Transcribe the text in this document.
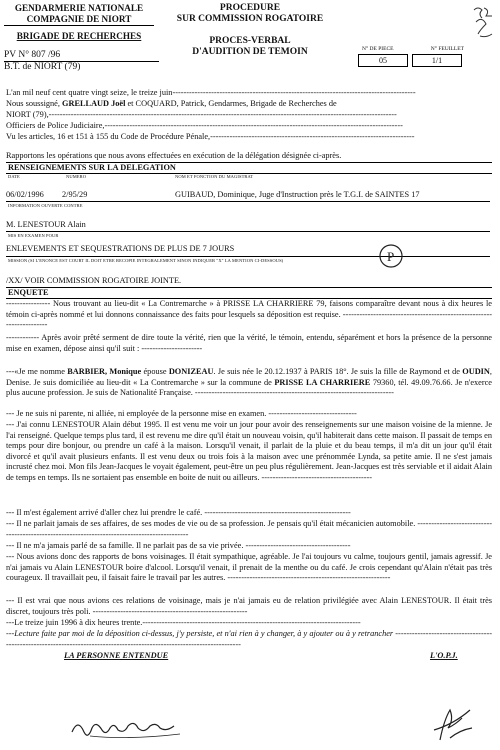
GENDARMERIE NATIONALE
COMPAGNIE DE NIORT
BRIGADE DE RECHERCHES
PV N° 807 /96
B.T. de NIORT (79)
PROCEDURE
SUR COMMISSION ROGATOIRE
PROCES-VERBAL
D'AUDITION DE TEMOIN	N° DE PIECE	N° FEUILLET
05	1/1
L'an mil neuf cent quatre vingt seize, le treize juin----------------------------------------------------------------------------------------
Nous soussigné, GRELLAUD Joël et COQUARD, Patrick, Gendarmes, Brigade de Recherches de
NIORT (79),------------------------------------------------------------------------------------------------------------------------------
Officiers de Police Judiciaire,------------------------------------------------------------------------------------------------------------
Vu les articles, 16 et 151 à 155 du Code de Procédure Pénale,--------------------------------------------------------------------------
Rapportons les opérations que nous avons effectuées en exécution de la délégation désignée ci-après.
RENSEIGNEMENTS SUR LA DELEGATION
DATE	NUMERO	NOM ET FONCTION DU MAGISTRAT
06/02/1996 2/95/29	GUIBAUD, Dominique, Juge d'Instruction près le T.G.I. de SAINTES 17
INFORMATION OUVERTE CONTRE
M. LENESTOUR Alain
MIS EN EXAMEN POUR
ENLEVEMENTS ET SEQUESTRATIONS DE PLUS DE 7 JOURS
MISSION (SI L'ENONCE EST COURT IL DOIT ETRE RECOPIE INTEGRALEMENT SINON INDIQUER "X" LA MENTION CI-DESSOUS)	P
/XX/ VOIR COMMISSION ROGATOIRE JOINTE.
ENQUETE
---------------- Nous trouvant au lieu-dit « La Contremarche » à PRISSE LA CHARRIERE 79, faisons comparaître devant nous à dix heures le témoin ci-après nommé et lui donnons connaissance des faits pour lesquels sa déposition est requise. ---------------------------------------------------------------------
------------ Après avoir prêté serment de dire toute la vérité, rien que la vérité, le témoin, entendu, séparément et hors la présence de la personne mise en examen, dépose ainsi qu'il suit : ----------------------
---«Je me nomme BARBIER, Monique épouse DONIZEAU. Je suis née le 20.12.1937 à PARIS 18°. Je suis la fille de Raymond et de OUDIN, Denise. Je suis domiciliée au lieu-dit « La Contremarche » sur la commune de PRISSE LA CHARRIERE 79360, tél. 49.09.76.66. Je n'exerce plus aucune profession. Je suis de Nationalité Française. ------------------------------------------------------------------------
--- Je ne suis ni parente, ni alliée, ni employée de la personne mise en examen. --------------------------------
--- J'ai connu LENESTOUR Alain début 1995. Il est venu me voir un jour pour avoir des renseignements sur une maison voisine de la mienne. Je l'ai renseigné. Quelque temps plus tard, il est revenu me dire qu'il était un nouveau voisin, qu'il habiterait dans cette maison. Il passait de temps en temps pour dire bonjour, ou prendre un café à la maison. Lorsqu'il venait, il parlait de la pluie et du beau temps, il m'a dit un jour qu'il était divorcé et qu'il avait plusieurs enfants. Il est venu deux ou trois fois à la maison avec une prénommée Lynda, sa petite amie. Il ne s'est jamais incrusté chez moi. Mon fils Jean-Jacques le voyait également, peut-être un peu plus régulièrement. Jean-Jacques est très serviable et il aidait Alain de temps en temps. Ils ne sortaient pas ensemble en boite de nuit ou ailleurs. ----------------------------------------
--- Il m'est également arrivé d'aller chez lui prendre le café. -----------------------------------------------------
--- Il ne parlait jamais de ses affaires, de ses modes de vie ou de sa profession. Je pensais qu'il était mécanicien automobile. ---------------------------------------------------------------------------------------------
--- Il ne m'a jamais parlé de sa famille. Il ne parlait pas de sa vie privée. --------------------------------------
--- Nous avions donc des rapports de bons voisinages. Il était sympathique, agréable. Je l'ai toujours vu calme, toujours gentil, jamais agressif. Je n'ai jamais vu Alain LENESTOUR boire d'alcool. Lorsqu'il venait, il prenait de la menthe ou du café. Je crois cependant qu'Alain n'était pas très courageux. Il travaillait peu, il faisait faire le travail par les autres. -----------------------------------------------------------
--- Il est vrai que nous avions ces relations de voisinage, mais je n'ai jamais eu de relation privilégiée avec Alain LENESTOUR. Il était très discret, toujours très poli. --------------------------------------------------------
---Le treize juin 1996 à dix heures trente.-------------------------------------------------------------------------------
---Lecture faite par moi de la déposition ci-dessus, j'y persiste, et n'ai rien à y changer, à y ajouter ou à y retrancher ------------------------------------------------------------------------------------------------------------------------
LA PERSONNE ENTENDUE	L'O.P.J.
